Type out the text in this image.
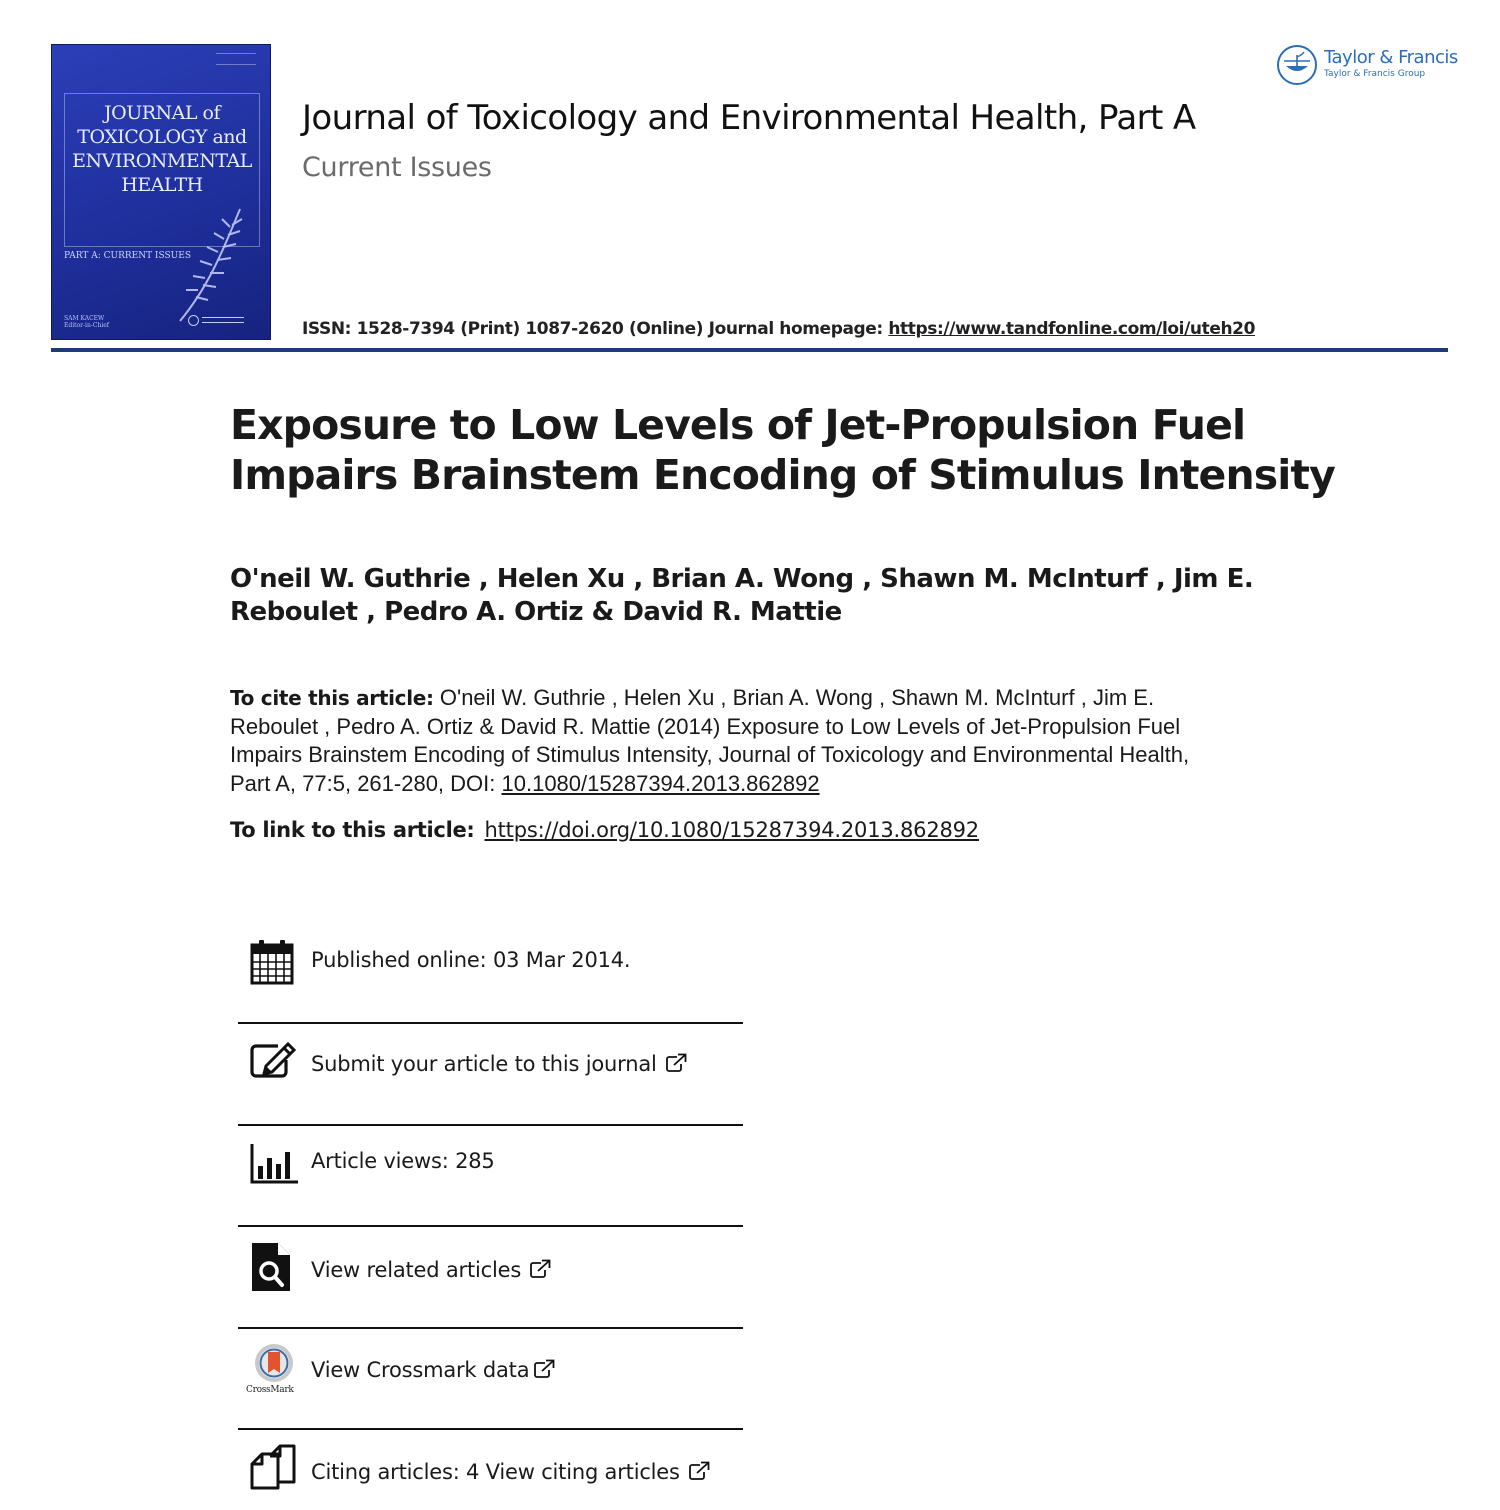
JOURNAL of
TOXICOLOGY and
ENVIRONMENTAL
HEALTH
PART A: CURRENT ISSUES
SAM KACEW
Editor-in-Chief
Journal of Toxicology and Environmental Health, Part A
Current Issues
ISSN: 1528-7394 (Print) 1087-2620 (Online) Journal homepage: https://www.tandfonline.com/loi/uteh20
Taylor & Francis
Taylor & Francis Group
Exposure to Low Levels of Jet-Propulsion Fuel
Impairs Brainstem Encoding of Stimulus Intensity
O'neil W. Guthrie , Helen Xu , Brian A. Wong , Shawn M. McInturf , Jim E.
Reboulet , Pedro A. Ortiz & David R. Mattie
To cite this article: O'neil W. Guthrie , Helen Xu , Brian A. Wong , Shawn M. McInturf , Jim E.
Reboulet , Pedro A. Ortiz & David R. Mattie (2014) Exposure to Low Levels of Jet-Propulsion Fuel
Impairs Brainstem Encoding of Stimulus Intensity, Journal of Toxicology and Environmental Health,
Part A, 77:5, 261-280, DOI: 10.1080/15287394.2013.862892
To link to this article: https://doi.org/10.1080/15287394.2013.862892
Published online: 03 Mar 2014.
Submit your article to this journal
Article views: 285
View related articles
CrossMark
View Crossmark data
Citing articles: 4 View citing articles
